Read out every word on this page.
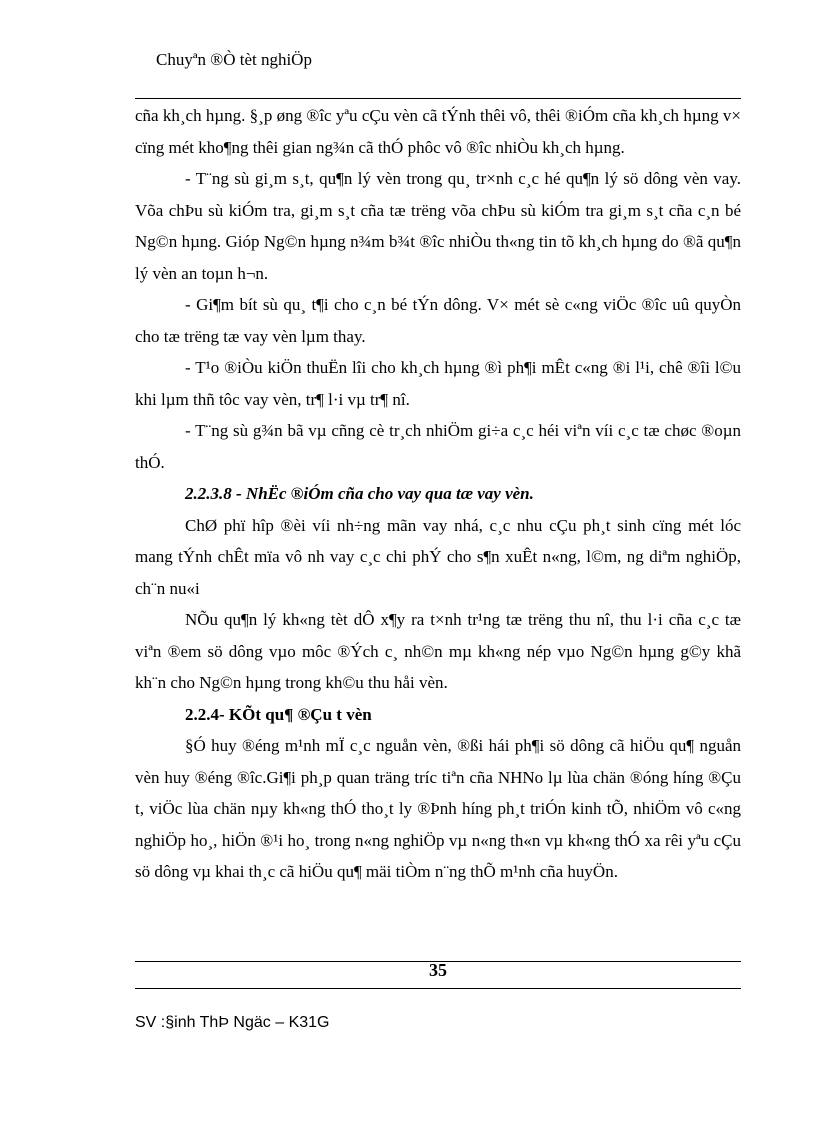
Chuyªn ®Ò tèt nghiÖp

cña kh¸ch hµng. §¸p øng ®îc yªu cÇu vèn cã tÝnh thêi vô, thêi ®iÓm cña kh¸ch hµng v× cïng mét kho¶ng thêi gian ng¾n cã thÓ phôc vô ®îc nhiÒu kh¸ch hµng.

- T¨ng sù gi¸m s¸t, qu¶n lý vèn trong qu¸ tr×nh c¸c hé qu¶n lý sö dông vèn vay. Võa chÞu sù kiÓm tra, gi¸m s¸t cña tæ trëng võa chÞu sù kiÓm tra gi¸m s¸t cña c¸n bé Ng©n hµng. Gióp Ng©n hµng n¾m b¾t ®îc nhiÒu th«ng tin tõ kh¸ch hµng do ®ã qu¶n lý vèn an toµn h¬n.

- Gi¶m bít sù qu¸ t¶i cho c¸n bé tÝn dông. V× mét sè c«ng viÖc ®îc uû quyÒn cho tæ trëng tæ vay vèn lµm thay.

- T¹o ®iÒu kiÖn thuËn lîi cho kh¸ch hµng ®ì ph¶i mÊt c«ng ®i l¹i, chê ®îi l©u khi lµm thñ tôc vay vèn, tr¶ l·i vµ tr¶ nî.

- T¨ng sù g¾n bã vµ cñng cè tr¸ch nhiÖm gi÷a c¸c héi viªn víi c¸c tæ chøc ®oµn thÓ.

2.2.3.8 - NhËc ®iÓm cña cho vay qua tæ vay vèn.

ChØ phï hîp ®èi víi nh÷ng mãn vay nhá, c¸c nhu cÇu ph¸t sinh cïng mét lóc mang tÝnh chÊt mïa vô nh vay c¸c chi phÝ cho s¶n xuÊt n«ng, l©m, ng diªm nghiÖp, ch¨n nu«i

NÕu qu¶n lý kh«ng tèt dÔ x¶y ra t×nh tr¹ng tæ trëng thu nî, thu l·i cña c¸c tæ viªn ®em sö dông vµo môc ®Ých c¸ nh©n mµ kh«ng nép vµo Ng©n hµng g©y khã kh¨n cho Ng©n hµng trong kh©u thu håi vèn.

2.2.4- KÕt qu¶ ®Çu t vèn

§Ó huy ®éng m¹nh mÏ c¸c nguån vèn, ®ßi hái ph¶i sö dông cã hiÖu qu¶ nguån vèn huy ®éng ®îc.Gi¶i ph¸p quan träng tríc tiªn cña NHNo lµ lùa chän ®óng híng ®Çu t, viÖc lùa chän nµy kh«ng thÓ tho¸t ly ®Þnh híng ph¸t triÓn kinh tÕ, nhiÖm vô c«ng nghiÖp ho¸, hiÖn ®¹i ho¸ trong n«ng nghiÖp vµ n«ng th«n vµ kh«ng thÓ xa rêi yªu cÇu sö dông vµ khai th¸c cã hiÖu qu¶ mäi tiÒm n¨ng thÕ m¹nh cña huyÖn.

35
SV :§inh ThÞ Ngäc – K31G
